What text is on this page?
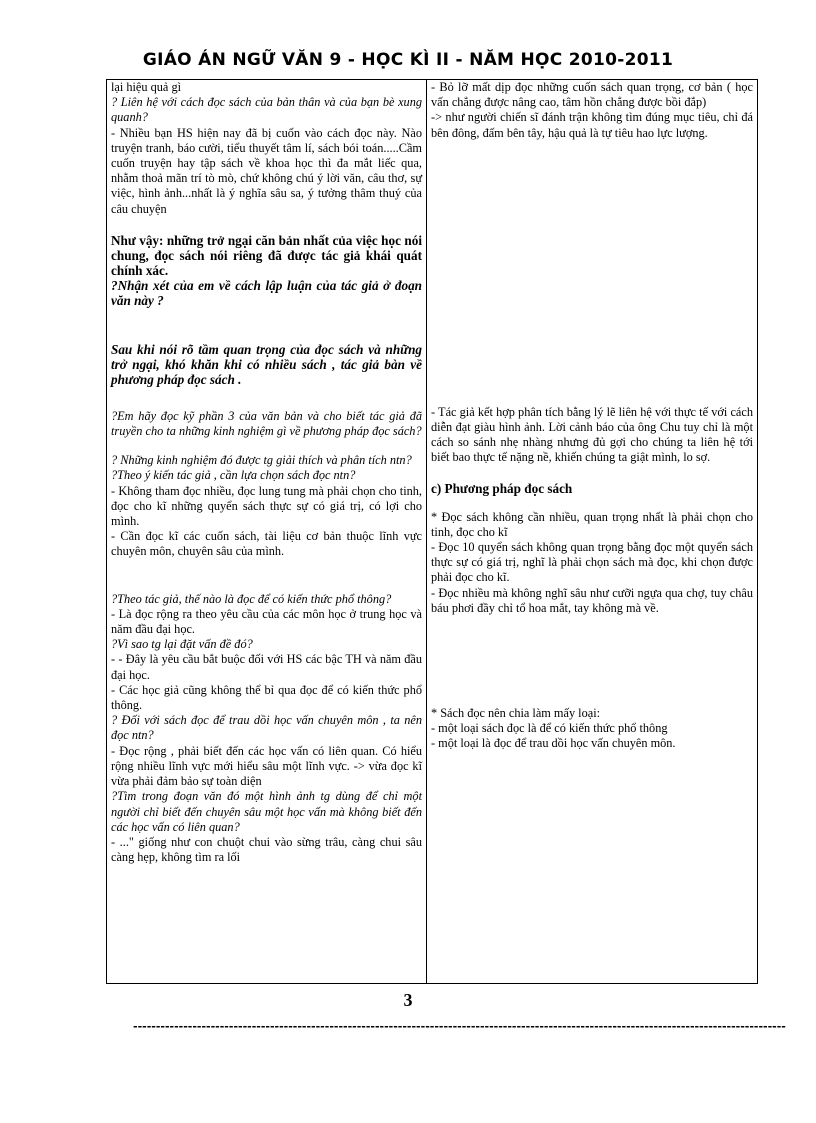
GIÁO ÁN NGỮ VĂN 9 - HỌC KÌ II - NĂM HỌC 2010-2011

lại hiệu quả gì

? Liên hệ với cách đọc sách của bản thân và của bạn bè xung quanh?

- Nhiều bạn HS hiện nay đã bị cuốn vào cách đọc này. Nào truyện tranh, báo cười, tiểu thuyết tâm lí, sách bói toán.....Cầm cuốn truyện hay tập sách về khoa học thì đa mắt liếc qua, nhằm thoả mãn trí tò mò, chứ không chú ý lời văn, câu thơ, sự việc, hình ảnh...nhất là ý nghĩa sâu sa, ý tưởng thâm thuý của câu chuyện

Như vậy: những trở ngại căn bản nhất của việc học nói chung, đọc sách nói riêng đã được tác giả khái quát chính xác.

?Nhận xét của em về cách lập luận của tác giả ở đoạn văn này ?

Sau khi nói rõ tầm quan trọng của đọc sách và những trở ngại, khó khăn khi có nhiều sách , tác giả bàn về phương pháp đọc sách .

?Em hãy đọc kỹ phần 3 của văn bản và cho biết tác giả đã truyền cho ta những kinh nghiệm gì về phương pháp đọc sách?

? Những kinh nghiệm đó được tg giải thích và phân tích ntn?

?Theo ý kiến tác giả , cần lựa chọn sách đọc ntn?

- Không tham đọc nhiều, đọc lung tung mà phải chọn cho tinh, đọc cho kĩ những quyển sách thực sự có giá trị, có lợi cho mình.

- Cần đọc kĩ các cuốn sách, tài liệu cơ bản thuộc lĩnh vực chuyên môn, chuyên sâu của mình.

?Theo tác giả, thế nào là đọc để có kiến thức phổ thông?

- Là đọc rộng ra theo yêu cầu của các môn học ở trung học và năm đầu đại học.

?Vì sao tg lại đặt vấn đề đó?

- - Đây là yêu cầu bắt buộc đối với HS các bậc TH và năm đầu đại học.

- Các học giả cũng không thể bỉ qua đọc để có kiến thức phổ thông.

? Đối với sách đọc để trau dồi học vấn chuyên môn , ta nên đọc ntn?

- Đọc rộng , phải biết đến các học vấn có liên quan. Có hiểu rộng nhiều lĩnh vực mới hiểu sâu một lĩnh vực. -> vừa đọc kĩ vừa phải đảm bảo sự toàn diện

?Tìm trong đoạn văn đó một hình ảnh tg dùng để chỉ một người chỉ biết đến chuyên sâu một học vấn mà không biết đến các học vấn có liên quan?

- ..." giống như con chuột chui vào sừng trâu, càng chui sâu càng hẹp, không tìm ra lối

- Bỏ lỡ mất dịp đọc những cuốn sách quan trọng, cơ bản ( học vấn chẳng được nâng cao, tâm hồn chẳng được bồi đắp)

-> như người chiến sĩ đánh trận không tìm đúng mục tiêu, chỉ đá bên đông, đấm bên tây, hậu quả là tự tiêu hao lực lượng.

- Tác giả kết hợp phân tích bằng lý lẽ liên hệ với thực tế với cách diễn đạt giàu hình ảnh. Lời cảnh báo của ông Chu tuy chỉ là một cách so sánh nhẹ nhàng nhưng đủ gợi cho chúng ta liên hệ tới biết bao thực tế nặng nề, khiến chúng ta giật mình, lo sợ.

c) Phương pháp đọc sách

* Đọc sách không cần nhiều, quan trọng nhất là phải chọn cho tinh, đọc cho kĩ

- Đọc 10 quyển sách không quan trọng bằng đọc một quyển sách thực sự có giá trị, nghĩ là phải chọn sách mà đọc, khi chọn được phải đọc cho kĩ.

- Đọc nhiều mà không nghĩ sâu như cưỡi ngựa qua chợ, tuy châu báu phơi đầy chỉ tổ hoa mắt, tay không mà về.

* Sách đọc nên chia làm mấy loại:

- một loại sách đọc là để có kiến thức phổ thông

- một loại là đọc để trau dồi học vấn chuyên môn.

3
-----------------------------------------------------------------------------------------------------------------------------------------------
